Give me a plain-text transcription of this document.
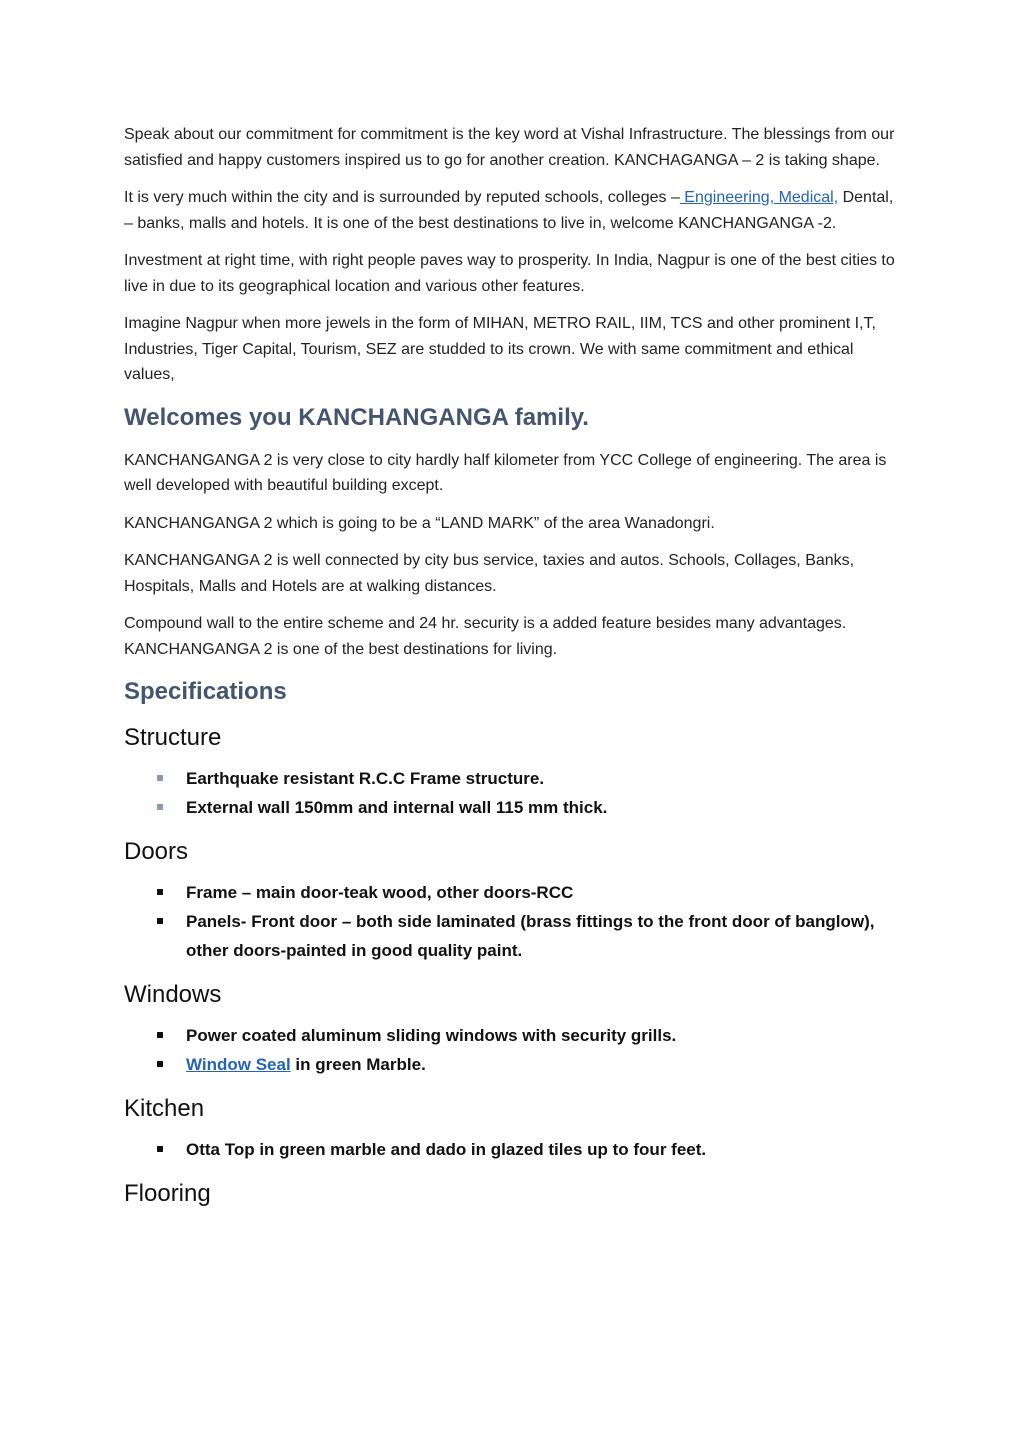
Speak about our commitment for commitment is the key word at Vishal Infrastructure. The blessings from our satisfied and happy customers inspired us to go for another creation. KANCHAGANGA – 2 is taking shape.

It is very much within the city and is surrounded by reputed schools, colleges – Engineering, Medical, Dental, – banks, malls and hotels. It is one of the best destinations to live in, welcome KANCHANGANGA -2.

Investment at right time, with right people paves way to prosperity. In India, Nagpur is one of the best cities to live in due to its geographical location and various other features.

Imagine Nagpur when more jewels in the form of MIHAN, METRO RAIL, IIM, TCS and other prominent I,T, Industries, Tiger Capital, Tourism, SEZ are studded to its crown. We with same commitment and ethical values,

Welcomes you KANCHANGANGA family.

KANCHANGANGA 2 is very close to city hardly half kilometer from YCC College of engineering. The area is well developed with beautiful building except.

KANCHANGANGA 2 which is going to be a “LAND MARK” of the area Wanadongri.

KANCHANGANGA 2 is well connected by city bus service, taxies and autos. Schools, Collages, Banks, Hospitals, Malls and Hotels are at walking distances.

Compound wall to the entire scheme and 24 hr. security is a added feature besides many advantages. KANCHANGANGA 2 is one of the best destinations for living.

Specifications
Structure
Earthquake resistant R.C.C Frame structure.
External wall 150mm and internal wall 115 mm thick.
Doors
Frame – main door-teak wood, other doors-RCC
Panels- Front door – both side laminated (brass fittings to the front door of banglow), other doors-painted in good quality paint.
Windows
Power coated aluminum sliding windows with security grills.
Window Seal in green Marble.
Kitchen
Otta Top in green marble and dado in glazed tiles up to four feet.
Flooring
